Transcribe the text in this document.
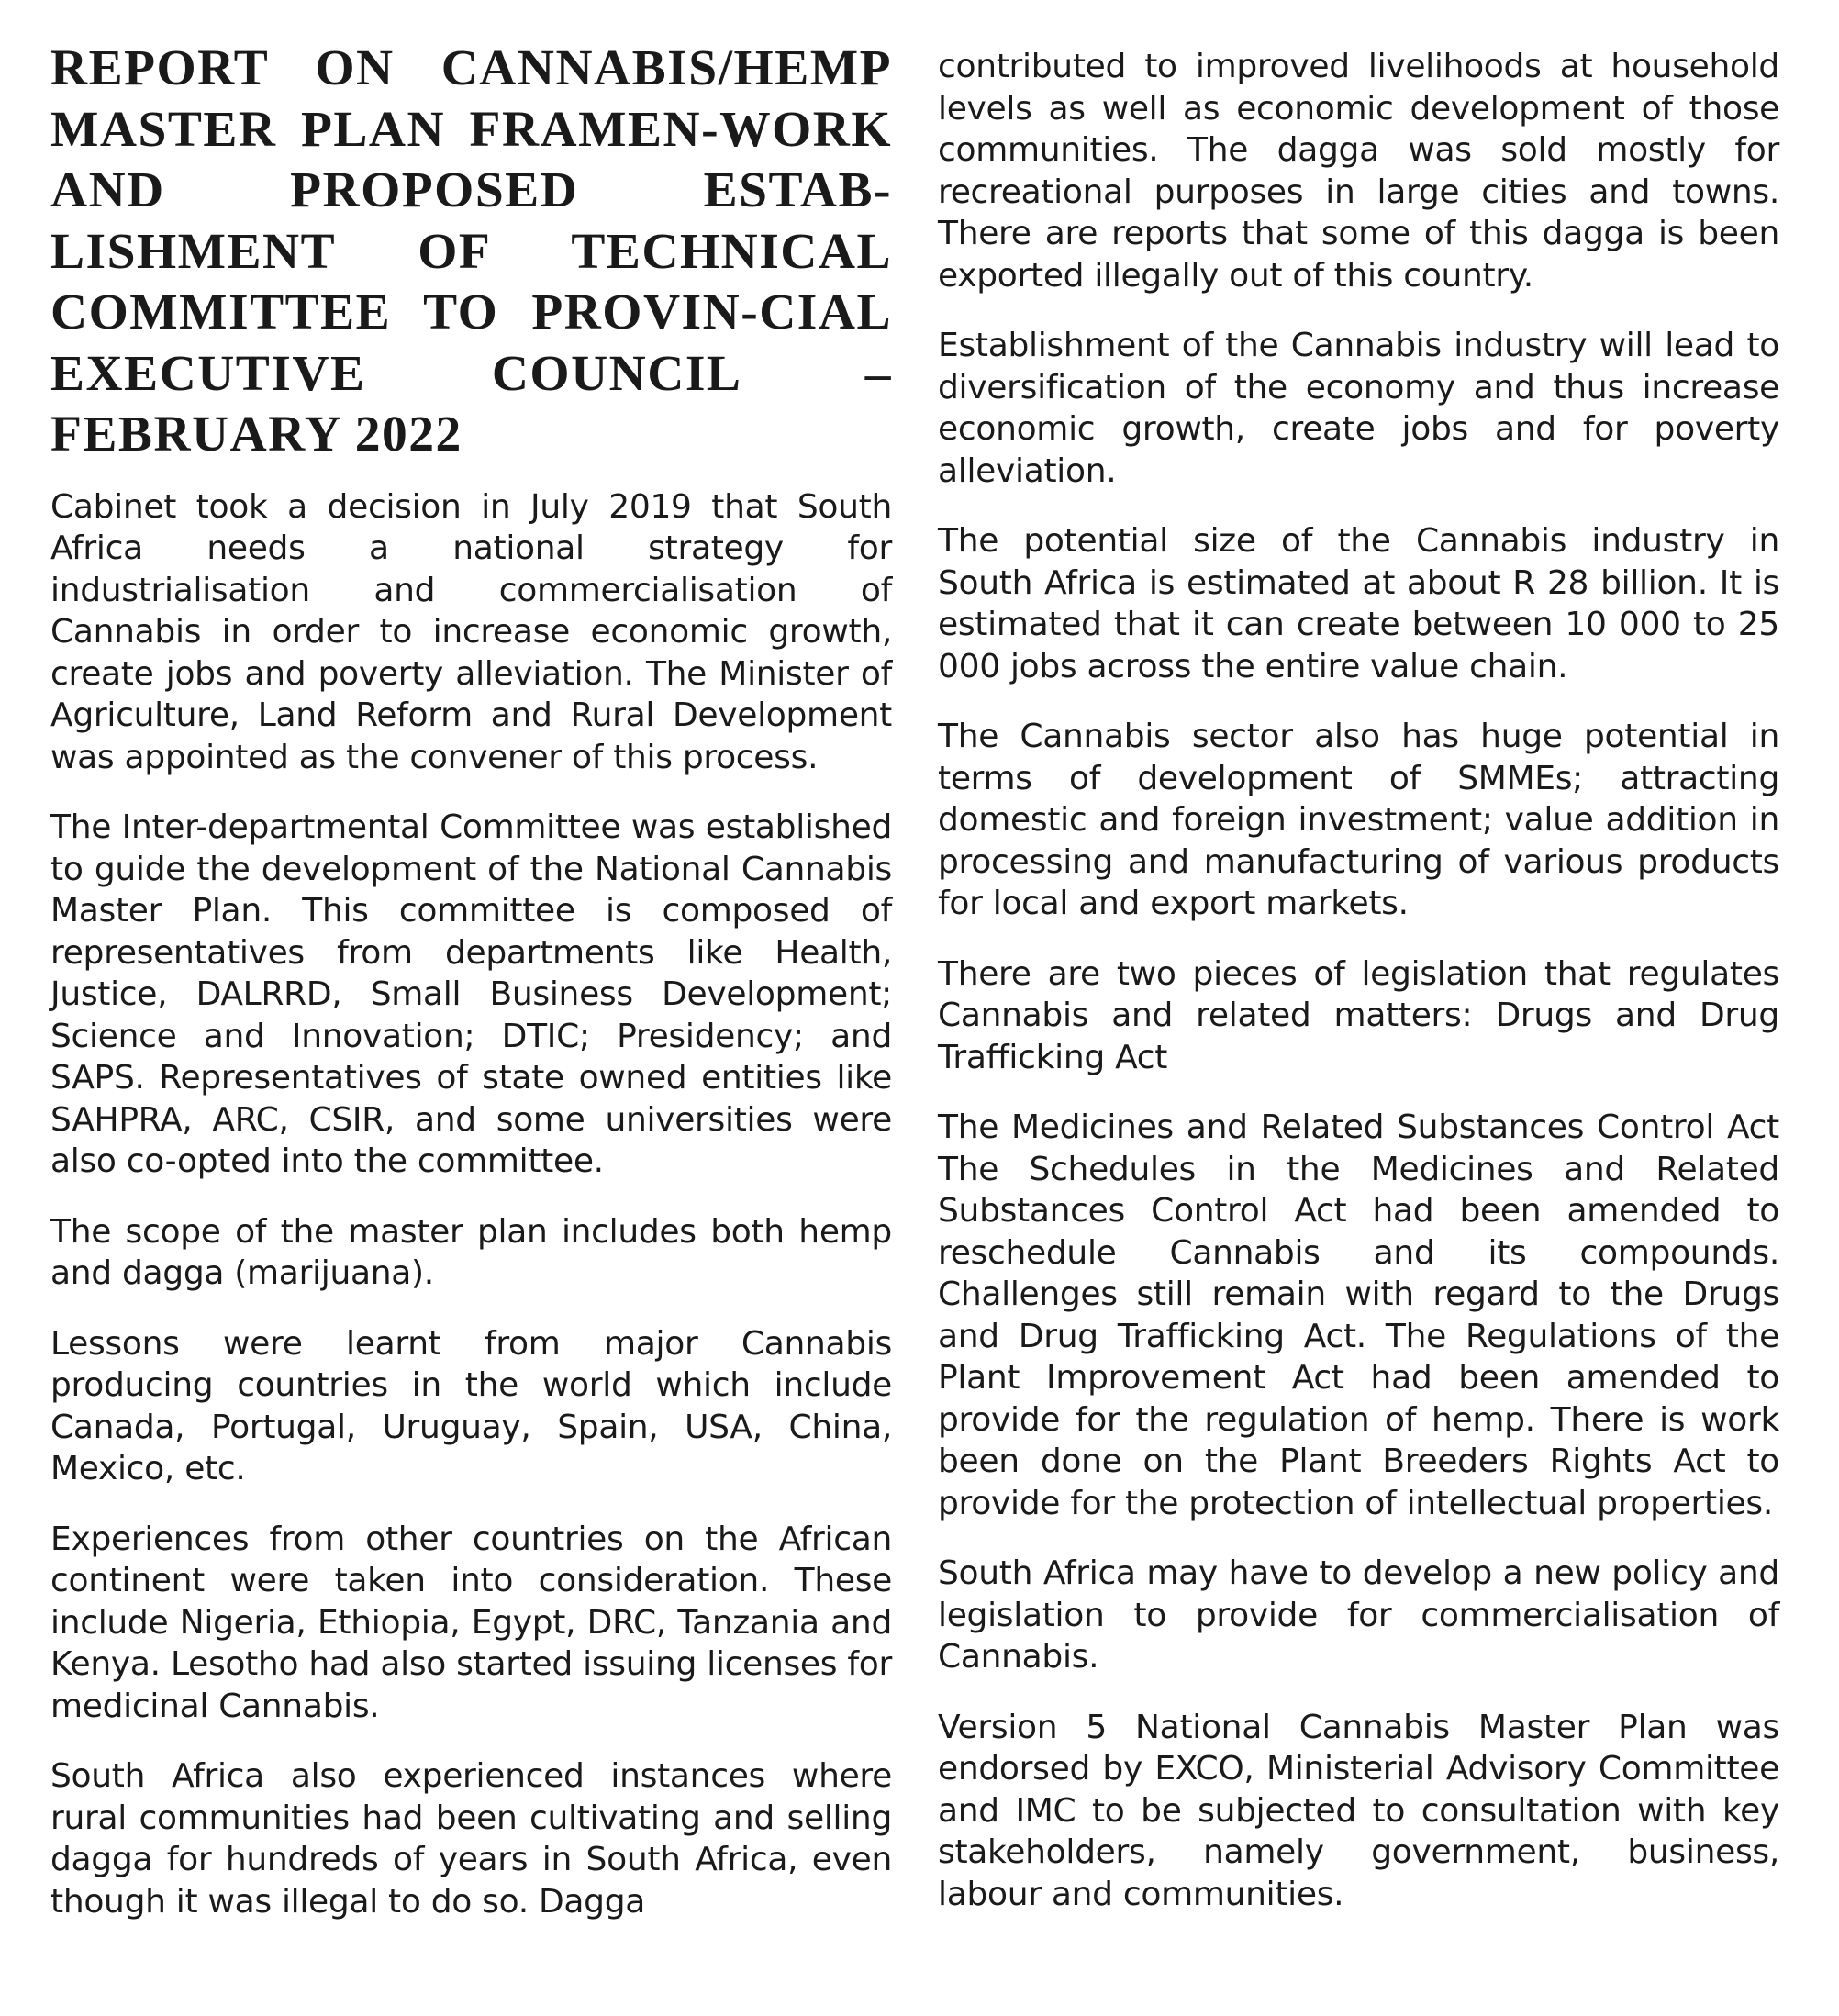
REPORT ON CANNABIS/HEMP MASTER PLAN FRAMEN-WORK AND PROPOSED ESTAB-LISHMENT OF TECHNICAL COMMITTEE TO PROVIN-CIAL EXECUTIVE COUNCIL – FEBRUARY 2022

Cabinet took a decision in July 2019 that South Africa needs a national strategy for industrialisation and commercialisation of Cannabis in order to increase economic growth, create jobs and poverty alleviation. The Minister of Agriculture, Land Reform and Rural Development was appointed as the convener of this process.

The Inter-departmental Committee was established to guide the development of the National Cannabis Master Plan. This committee is composed of representatives from departments like Health, Justice, DALRRD, Small Business Development; Science and Innovation; DTIC; Presidency; and SAPS. Representatives of state owned entities like SAHPRA, ARC, CSIR, and some universities were also co-opted into the committee.

The scope of the master plan includes both hemp and dagga (marijuana).

Lessons were learnt from major Cannabis producing countries in the world which include Canada, Portugal, Uruguay, Spain, USA, China, Mexico, etc.

Experiences from other countries on the African continent were taken into consideration. These include Nigeria, Ethiopia, Egypt, DRC, Tanzania and Kenya. Lesotho had also started issuing licenses for medicinal Cannabis.

South Africa also experienced instances where rural communities had been cultivating and selling dagga for hundreds of years in South Africa, even though it was illegal to do so. Dagga

contributed to improved livelihoods at household levels as well as economic development of those communities. The dagga was sold mostly for recreational purposes in large cities and towns. There are reports that some of this dagga is been exported illegally out of this country.

Establishment of the Cannabis industry will lead to diversification of the economy and thus increase economic growth, create jobs and for poverty alleviation.

The potential size of the Cannabis industry in South Africa is estimated at about R 28 billion. It is estimated that it can create between 10 000 to 25 000 jobs across the entire value chain.

The Cannabis sector also has huge potential in terms of development of SMMEs; attracting domestic and foreign investment; value addition in processing and manufacturing of various products for local and export markets.

There are two pieces of legislation that regulates Cannabis and related matters: Drugs and Drug Trafficking Act

The Medicines and Related Substances Control Act The Schedules in the Medicines and Related Substances Control Act had been amended to reschedule Cannabis and its compounds. Challenges still remain with regard to the Drugs and Drug Trafficking Act. The Regulations of the Plant Improvement Act had been amended to provide for the regulation of hemp. There is work been done on the Plant Breeders Rights Act to provide for the protection of intellectual properties.

South Africa may have to develop a new policy and legislation to provide for commercialisation of Cannabis.

Version 5 National Cannabis Master Plan was endorsed by EXCO, Ministerial Advisory Committee and IMC to be subjected to consultation with key stakeholders, namely government, business, labour and communities.
